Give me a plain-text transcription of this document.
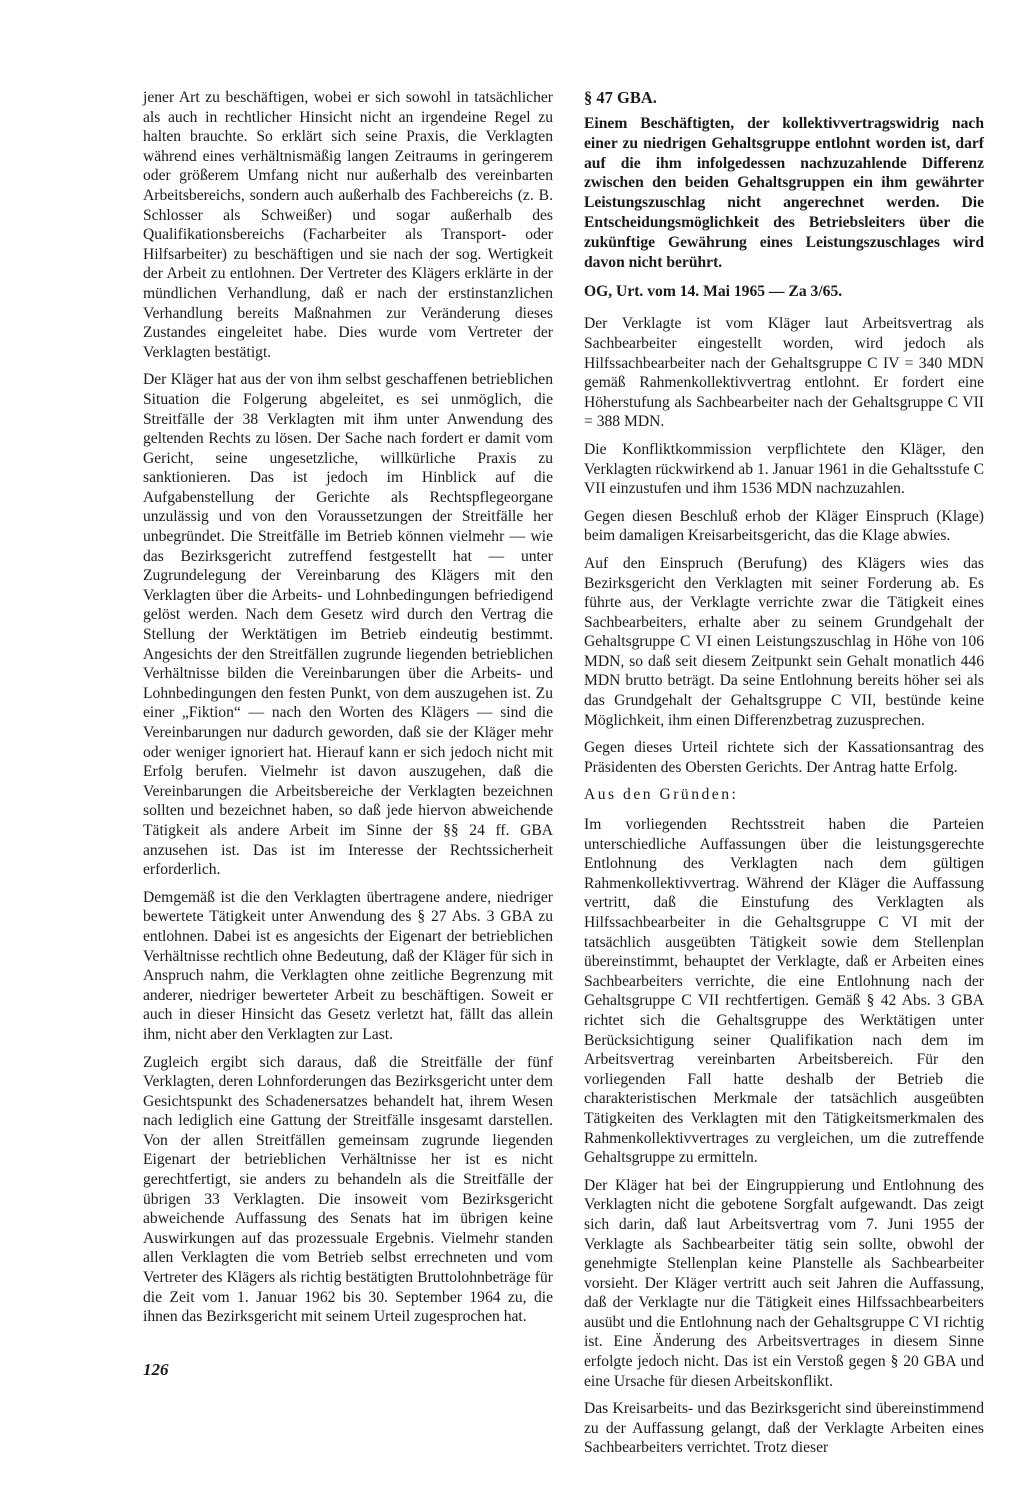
jener Art zu beschäftigen, wobei er sich sowohl in tatsächlicher als auch in rechtlicher Hinsicht nicht an irgendeine Regel zu halten brauchte. So erklärt sich seine Praxis, die Verklagten während eines verhältnismäßig langen Zeitraums in geringerem oder größerem Umfang nicht nur außerhalb des vereinbarten Arbeitsbereichs, sondern auch außerhalb des Fachbereichs (z. B. Schlosser als Schweißer) und sogar außerhalb des Qualifikationsbereichs (Facharbeiter als Transport- oder Hilfsarbeiter) zu beschäftigen und sie nach der sog. Wertigkeit der Arbeit zu entlohnen. Der Vertreter des Klägers erklärte in der mündlichen Verhandlung, daß er nach der erstinstanzlichen Verhandlung bereits Maßnahmen zur Veränderung dieses Zustandes eingeleitet habe. Dies wurde vom Vertreter der Verklagten bestätigt.

Der Kläger hat aus der von ihm selbst geschaffenen betrieblichen Situation die Folgerung abgeleitet, es sei unmöglich, die Streitfälle der 38 Verklagten mit ihm unter Anwendung des geltenden Rechts zu lösen. Der Sache nach fordert er damit vom Gericht, seine ungesetzliche, willkürliche Praxis zu sanktionieren. Das ist jedoch im Hinblick auf die Aufgabenstellung der Gerichte als Rechtspflegeorgane unzulässig und von den Voraussetzungen der Streitfälle her unbegründet. Die Streitfälle im Betrieb können vielmehr — wie das Bezirksgericht zutreffend festgestellt hat — unter Zugrundelegung der Vereinbarung des Klägers mit den Verklagten über die Arbeits- und Lohnbedingungen befriedigend gelöst werden. Nach dem Gesetz wird durch den Vertrag die Stellung der Werktätigen im Betrieb eindeutig bestimmt. Angesichts der den Streitfällen zugrunde liegenden betrieblichen Verhältnisse bilden die Vereinbarungen über die Arbeits- und Lohnbedingungen den festen Punkt, von dem auszugehen ist. Zu einer „Fiktion“ — nach den Worten des Klägers — sind die Vereinbarungen nur dadurch geworden, daß sie der Kläger mehr oder weniger ignoriert hat. Hierauf kann er sich jedoch nicht mit Erfolg berufen. Vielmehr ist davon auszugehen, daß die Vereinbarungen die Arbeitsbereiche der Verklagten bezeichnen sollten und bezeichnet haben, so daß jede hiervon abweichende Tätigkeit als andere Arbeit im Sinne der §§ 24 ff. GBA anzusehen ist. Das ist im Interesse der Rechtssicherheit erforderlich.

Demgemäß ist die den Verklagten übertragene andere, niedriger bewertete Tätigkeit unter Anwendung des § 27 Abs. 3 GBA zu entlohnen. Dabei ist es angesichts der Eigenart der betrieblichen Verhältnisse rechtlich ohne Bedeutung, daß der Kläger für sich in Anspruch nahm, die Verklagten ohne zeitliche Begrenzung mit anderer, niedriger bewerteter Arbeit zu beschäftigen. Soweit er auch in dieser Hinsicht das Gesetz verletzt hat, fällt das allein ihm, nicht aber den Verklagten zur Last.

Zugleich ergibt sich daraus, daß die Streitfälle der fünf Verklagten, deren Lohnforderungen das Bezirksgericht unter dem Gesichtspunkt des Schadenersatzes behandelt hat, ihrem Wesen nach lediglich eine Gattung der Streitfälle insgesamt darstellen. Von der allen Streitfällen gemeinsam zugrunde liegenden Eigenart der betrieblichen Verhältnisse her ist es nicht gerechtfertigt, sie anders zu behandeln als die Streitfälle der übrigen 33 Verklagten. Die insoweit vom Bezirksgericht abweichende Auffassung des Senats hat im übrigen keine Auswirkungen auf das prozessuale Ergebnis. Vielmehr standen allen Verklagten die vom Betrieb selbst errechneten und vom Vertreter des Klägers als richtig bestätigten Bruttolohnbeträge für die Zeit vom 1. Januar 1962 bis 30. September 1964 zu, die ihnen das Bezirksgericht mit seinem Urteil zugesprochen hat.

§ 47 GBA.

Einem Beschäftigten, der kollektivvertragswidrig nach einer zu niedrigen Gehaltsgruppe entlohnt worden ist, darf auf die ihm infolgedessen nachzuzahlende Differenz zwischen den beiden Gehaltsgruppen ein ihm gewährter Leistungszuschlag nicht angerechnet werden. Die Entscheidungsmöglichkeit des Betriebsleiters über die zukünftige Gewährung eines Leistungszuschlages wird davon nicht berührt.

OG, Urt. vom 14. Mai 1965 — Za 3/65.

Der Verklagte ist vom Kläger laut Arbeitsvertrag als Sachbearbeiter eingestellt worden, wird jedoch als Hilfssachbearbeiter nach der Gehaltsgruppe C IV = 340 MDN gemäß Rahmenkollektivvertrag entlohnt. Er fordert eine Höherstufung als Sachbearbeiter nach der Gehaltsgruppe C VII = 388 MDN.

Die Konfliktkommission verpflichtete den Kläger, den Verklagten rückwirkend ab 1. Januar 1961 in die Gehaltsstufe C VII einzustufen und ihm 1536 MDN nachzuzahlen.

Gegen diesen Beschluß erhob der Kläger Einspruch (Klage) beim damaligen Kreisarbeitsgericht, das die Klage abwies.

Auf den Einspruch (Berufung) des Klägers wies das Bezirksgericht den Verklagten mit seiner Forderung ab. Es führte aus, der Verklagte verrichte zwar die Tätigkeit eines Sachbearbeiters, erhalte aber zu seinem Grundgehalt der Gehaltsgruppe C VI einen Leistungszuschlag in Höhe von 106 MDN, so daß seit diesem Zeitpunkt sein Gehalt monatlich 446 MDN brutto beträgt. Da seine Entlohnung bereits höher sei als das Grundgehalt der Gehaltsgruppe C VII, bestünde keine Möglichkeit, ihm einen Differenzbetrag zuzusprechen.

Gegen dieses Urteil richtete sich der Kassationsantrag des Präsidenten des Obersten Gerichts. Der Antrag hatte Erfolg.

Aus den Gründen:

Im vorliegenden Rechtsstreit haben die Parteien unterschiedliche Auffassungen über die leistungsgerechte Entlohnung des Verklagten nach dem gültigen Rahmenkollektivvertrag. Während der Kläger die Auffassung vertritt, daß die Einstufung des Verklagten als Hilfssachbearbeiter in die Gehaltsgruppe C VI mit der tatsächlich ausgeübten Tätigkeit sowie dem Stellenplan übereinstimmt, behauptet der Verklagte, daß er Arbeiten eines Sachbearbeiters verrichte, die eine Entlohnung nach der Gehaltsgruppe C VII rechtfertigen. Gemäß § 42 Abs. 3 GBA richtet sich die Gehaltsgruppe des Werktätigen unter Berücksichtigung seiner Qualifikation nach dem im Arbeitsvertrag vereinbarten Arbeitsbereich. Für den vorliegenden Fall hatte deshalb der Betrieb die charakteristischen Merkmale der tatsächlich ausgeübten Tätigkeiten des Verklagten mit den Tätigkeitsmerkmalen des Rahmenkollektivvertrages zu vergleichen, um die zutreffende Gehaltsgruppe zu ermitteln.

Der Kläger hat bei der Eingruppierung und Entlohnung des Verklagten nicht die gebotene Sorgfalt aufgewandt. Das zeigt sich darin, daß laut Arbeitsvertrag vom 7. Juni 1955 der Verklagte als Sachbearbeiter tätig sein sollte, obwohl der genehmigte Stellenplan keine Planstelle als Sachbearbeiter vorsieht. Der Kläger vertritt auch seit Jahren die Auffassung, daß der Verklagte nur die Tätigkeit eines Hilfssachbearbeiters ausübt und die Entlohnung nach der Gehaltsgruppe C VI richtig ist. Eine Änderung des Arbeitsvertrages in diesem Sinne erfolgte jedoch nicht. Das ist ein Verstoß gegen § 20 GBA und eine Ursache für diesen Arbeitskonflikt.

Das Kreisarbeits- und das Bezirksgericht sind übereinstimmend zu der Auffassung gelangt, daß der Verklagte Arbeiten eines Sachbearbeiters verrichtet. Trotz dieser

126
